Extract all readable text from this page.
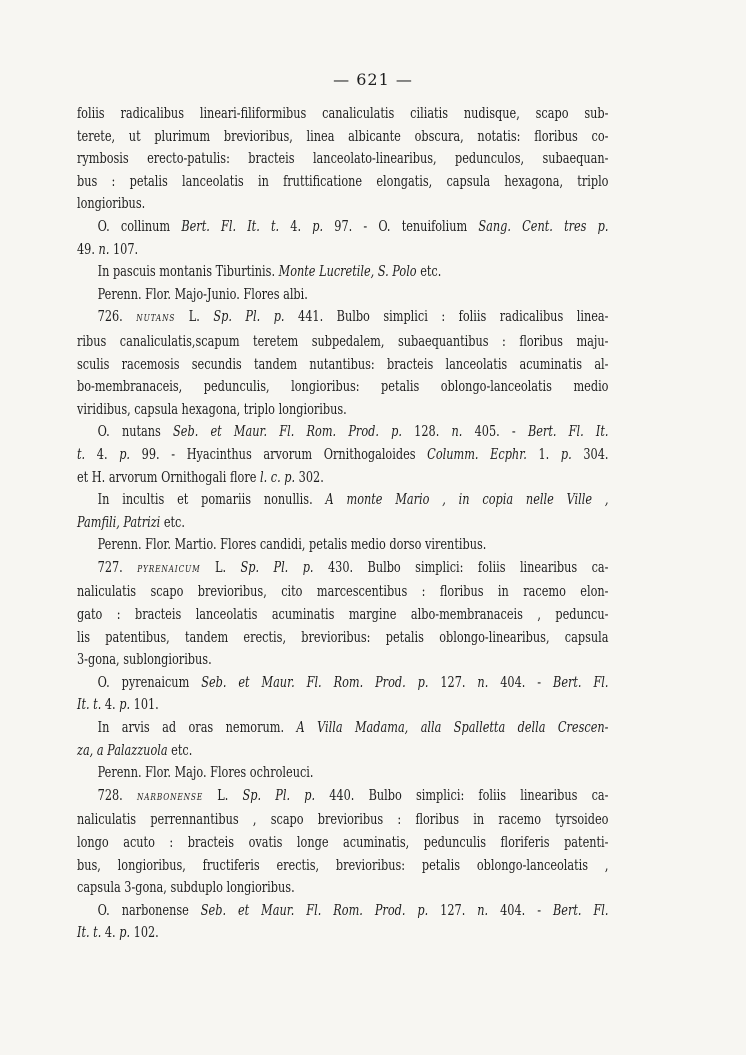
— 621 —
foliis radicalibus lineari-filiformibus canaliculatis ciliatis nudisque, scapo sub-
terete, ut plurimum brevioribus, linea albicante obscura, notatis: floribus co-
rymbosis erecto-patulis: bracteis lanceolato-linearibus, pedunculos, subaequan-
bus : petalis lanceolatis in fruttificatione elongatis, capsula hexagona, triplo
longioribus.
O. collinum Bert. Fl. It. t. 4. p. 97. - O. tenuifolium Sang. Cent. tres p.
49. n. 107.
In pascuis montanis Tiburtinis. Monte Lucretile, S. Polo etc.
Perenn. Flor. Majo-Junio. Flores albi.
726. NUTANS L. Sp. Pl. p. 441. Bulbo simplici : foliis radicalibus linea-
ribus canaliculatis,scapum teretem subpedalem, subaequantibus : floribus maju-
sculis racemosis secundis tandem nutantibus: bracteis lanceolatis acuminatis al-
bo-membranaceis, pedunculis, longioribus: petalis oblongo-lanceolatis medio
viridibus, capsula hexagona, triplo longioribus.
O. nutans Seb. et Maur. Fl. Rom. Prod. p. 128. n. 405. - Bert. Fl. It.
t. 4. p. 99. - Hyacinthus arvorum Ornithogaloides Columm. Ecphr. 1. p. 304.
et H. arvorum Ornithogali flore l. c. p. 302.
In incultis et pomariis nonullis. A monte Mario , in copia nelle Ville ,
Pamfili, Patrizi etc.
Perenn. Flor. Martio. Flores candidi, petalis medio dorso virentibus.
727. PYRENAICUM L. Sp. Pl. p. 430. Bulbo simplici: foliis linearibus ca-
naliculatis scapo brevioribus, cito marcescentibus : floribus in racemo elon-
gato : bracteis lanceolatis acuminatis margine albo-membranaceis , peduncu-
lis patentibus, tandem erectis, brevioribus: petalis oblongo-linearibus, capsula
3-gona, sublongioribus.
O. pyrenaicum Seb. et Maur. Fl. Rom. Prod. p. 127. n. 404. - Bert. Fl.
It. t. 4. p. 101.
In arvis ad oras nemorum. A Villa Madama, alla Spalletta della Crescen-
za, a Palazzuola etc.
Perenn. Flor. Majo. Flores ochroleuci.
728. NARBONENSE L. Sp. Pl. p. 440. Bulbo simplici: foliis linearibus ca-
naliculatis perrennantibus , scapo brevioribus : floribus in racemo tyrsoideo
longo acuto : bracteis ovatis longe acuminatis, pedunculis floriferis patenti-
bus, longioribus, fructiferis erectis, brevioribus: petalis oblongo-lanceolatis ,
capsula 3-gona, subduplo longioribus.
O. narbonense Seb. et Maur. Fl. Rom. Prod. p. 127. n. 404. - Bert. Fl.
It. t. 4. p. 102.
